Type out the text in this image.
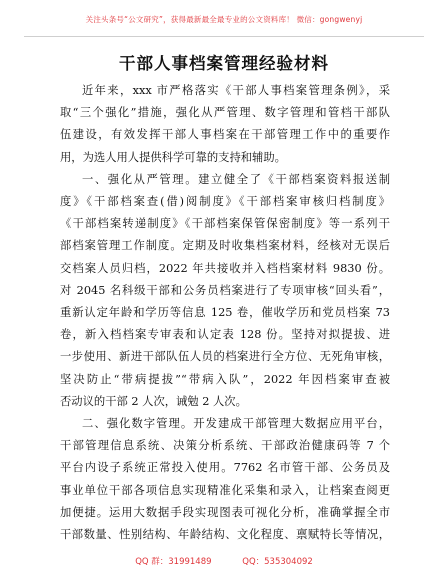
关注头条号“公文研究”，获得最新最全最专业的公文资料库！ 微信：gongwenyj
干部人事档案管理经验材料
近年来，xxx 市严格落实《干部人事档案管理条例》，采
取“三个强化”措施，强化从严管理、数字管理和管档干部队
伍建设，有效发挥干部人事档案在干部管理工作中的重要作
用，为选人用人提供科学可靠的支持和辅助。
一、强化从严管理。建立健全了《干部档案资料报送制
度》《干部档案查(借)阅制度》《干部档案审核归档制度》
《干部档案转递制度》《干部档案保管保密制度》等一系列干
部档案管理工作制度。定期及时收集档案材料，经核对无误后
交档案人员归档，2022 年共接收并入档档案材料 9830 份。
对 2045 名科级干部和公务员档案进行了专项审核“回头看”，
重新认定年龄和学历等信息 125 卷，催收学历和党员档案 73
卷，新入档档案专审表和认定表 128 份。坚持对拟提拔、进
一步使用、新进干部队伍人员的档案进行全方位、无死角审核，
坚决防止“带病提拔”“带病入队”，2022 年因档案审查被
否动议的干部 2 人次，诫勉 2 人次。
二、强化数字管理。开发建成干部管理大数据应用平台，
干部管理信息系统、决策分析系统、干部政治健康码等 7 个
平台内设子系统正常投入使用。7762 名市管干部、公务员及
事业单位干部各项信息实现精准化采集和录入，让档案查阅更
加便捷。运用大数据手段实现图表可视化分析，准确掌握全市
干部数量、性别结构、年龄结构、文化程度、禀赋特长等情况，
QQ 群：31991489	QQ：535304092
